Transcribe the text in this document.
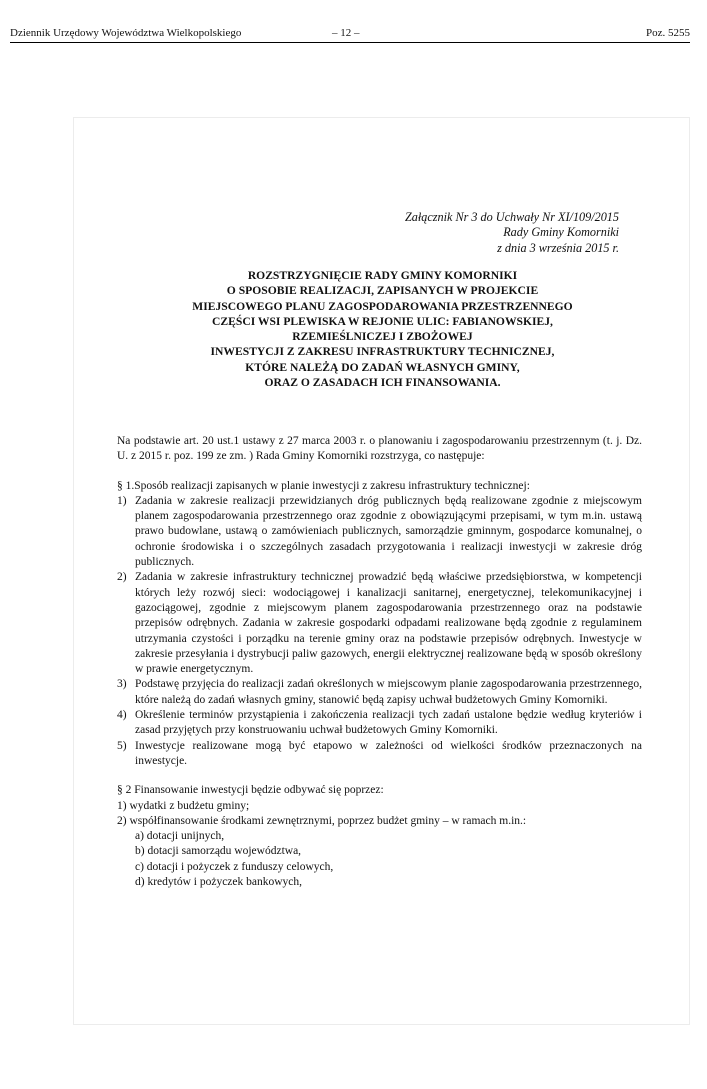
Dziennik Urzędowy Województwa Wielkopolskiego	– 12 –	Poz. 5255
Załącznik Nr 3 do Uchwały Nr XI/109/2015
Rady Gminy Komorniki
z dnia 3 września 2015 r.
ROZSTRZYGNIĘCIE RADY GMINY KOMORNIKI
O SPOSOBIE REALIZACJI, ZAPISANYCH W PROJEKCIE
MIEJSCOWEGO PLANU ZAGOSPODAROWANIA PRZESTRZENNEGO
CZĘŚCI WSI PLEWISKA W REJONIE ULIC: FABIANOWSKIEJ,
RZEMIEŚLNICZEJ I ZBOŻOWEJ
INWESTYCJI Z ZAKRESU INFRASTRUKTURY TECHNICZNEJ,
KTÓRE NALEŻĄ DO ZADAŃ WŁASNYCH GMINY,
ORAZ O ZASADACH ICH FINANSOWANIA.

Na podstawie art. 20 ust.1 ustawy z 27 marca 2003 r. o planowaniu i zagospodarowaniu przestrzennym (t. j. Dz. U. z 2015 r. poz. 199 ze zm. ) Rada Gminy Komorniki rozstrzyga, co następuje:

§ 1.Sposób realizacji zapisanych w planie inwestycji z zakresu infrastruktury technicznej:

1) Zadania w zakresie realizacji przewidzianych dróg publicznych będą realizowane zgodnie z miejscowym planem zagospodarowania przestrzennego oraz zgodnie z obowiązującymi przepisami, w tym m.in. ustawą prawo budowlane, ustawą o zamówieniach publicznych, samorządzie gminnym, gospodarce komunalnej, o ochronie środowiska i o szczególnych zasadach przygotowania i realizacji inwestycji w zakresie dróg publicznych.
2) Zadania w zakresie infrastruktury technicznej prowadzić będą właściwe przedsiębiorstwa, w kompetencji których leży rozwój sieci: wodociągowej i kanalizacji sanitarnej, energetycznej, telekomunikacyjnej i gazociągowej, zgodnie z miejscowym planem zagospodarowania przestrzennego oraz na podstawie przepisów odrębnych. Zadania w zakresie gospodarki odpadami realizowane będą zgodnie z regulaminem utrzymania czystości i porządku na terenie gminy oraz na podstawie przepisów odrębnych. Inwestycje w zakresie przesyłania i dystrybucji paliw gazowych, energii elektrycznej realizowane będą w sposób określony w prawie energetycznym.
3) Podstawę przyjęcia do realizacji zadań określonych w miejscowym planie zagospodarowania przestrzennego, które należą do zadań własnych gminy, stanowić będą zapisy uchwał budżetowych Gminy Komorniki.
4) Określenie terminów przystąpienia i zakończenia realizacji tych zadań ustalone będzie według kryteriów i zasad przyjętych przy konstruowaniu uchwał budżetowych Gminy Komorniki.
5) Inwestycje realizowane mogą być etapowo w zależności od wielkości środków przeznaczonych na inwestycje.

§ 2 Finansowanie inwestycji będzie odbywać się poprzez:

1) wydatki z budżetu gminy;

2) współfinansowanie środkami zewnętrznymi, poprzez budżet gminy – w ramach m.in.:

a) dotacji unijnych,

b) dotacji samorządu województwa,

c) dotacji i pożyczek z funduszy celowych,

d) kredytów i pożyczek bankowych,
